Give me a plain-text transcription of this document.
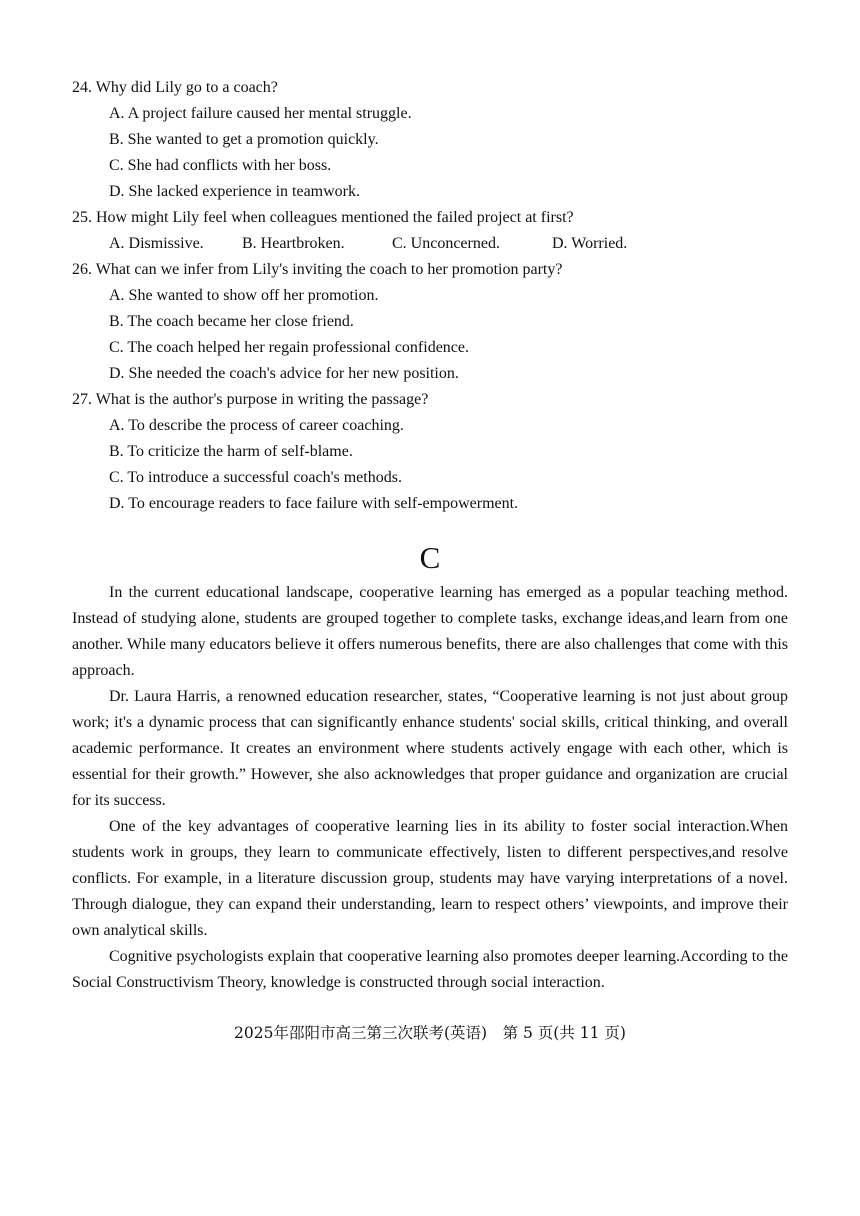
24. Why did Lily go to a coach?
A. A project failure caused her mental struggle.
B. She wanted to get a promotion quickly.
C. She had conflicts with her boss.
D. She lacked experience in teamwork.
25. How might Lily feel when colleagues mentioned the failed project at first?
A. Dismissive. B. Heartbroken.	C. Unconcerned.	D. Worried.
26. What can we infer from Lily's inviting the coach to her promotion party?
A. She wanted to show off her promotion.
B. The coach became her close friend.
C. The coach helped her regain professional confidence.
D. She needed the coach's advice for her new position.
27. What is the author's purpose in writing the passage?
A. To describe the process of career coaching.
B. To criticize the harm of self-blame.
C. To introduce a successful coach's methods.
D. To encourage readers to face failure with self-empowerment.
C
In the current educational landscape, cooperative learning has emerged as a popular teaching method. Instead of studying alone, students are grouped together to complete tasks, exchange ideas,and learn from one another. While many educators believe it offers numerous benefits, there are also challenges that come with this approach.
Dr. Laura Harris, a renowned education researcher, states, “Cooperative learning is not just about group work; it's a dynamic process that can significantly enhance students' social skills, critical thinking, and overall academic performance. It creates an environment where students actively engage with each other, which is essential for their growth.” However, she also acknowledges that proper guidance and organization are crucial for its success.
One of the key advantages of cooperative learning lies in its ability to foster social interaction.When students work in groups, they learn to communicate effectively, listen to different perspectives,and resolve conflicts. For example, in a literature discussion group, students may have varying interpretations of a novel. Through dialogue, they can expand their understanding, learn to respect others’ viewpoints, and improve their own analytical skills.
Cognitive psychologists explain that cooperative learning also promotes deeper learning.According to the Social Constructivism Theory, knowledge is constructed through social interaction.
2025年邵阳市高三第三次联考(英语)　第 5 页(共 11 页)
